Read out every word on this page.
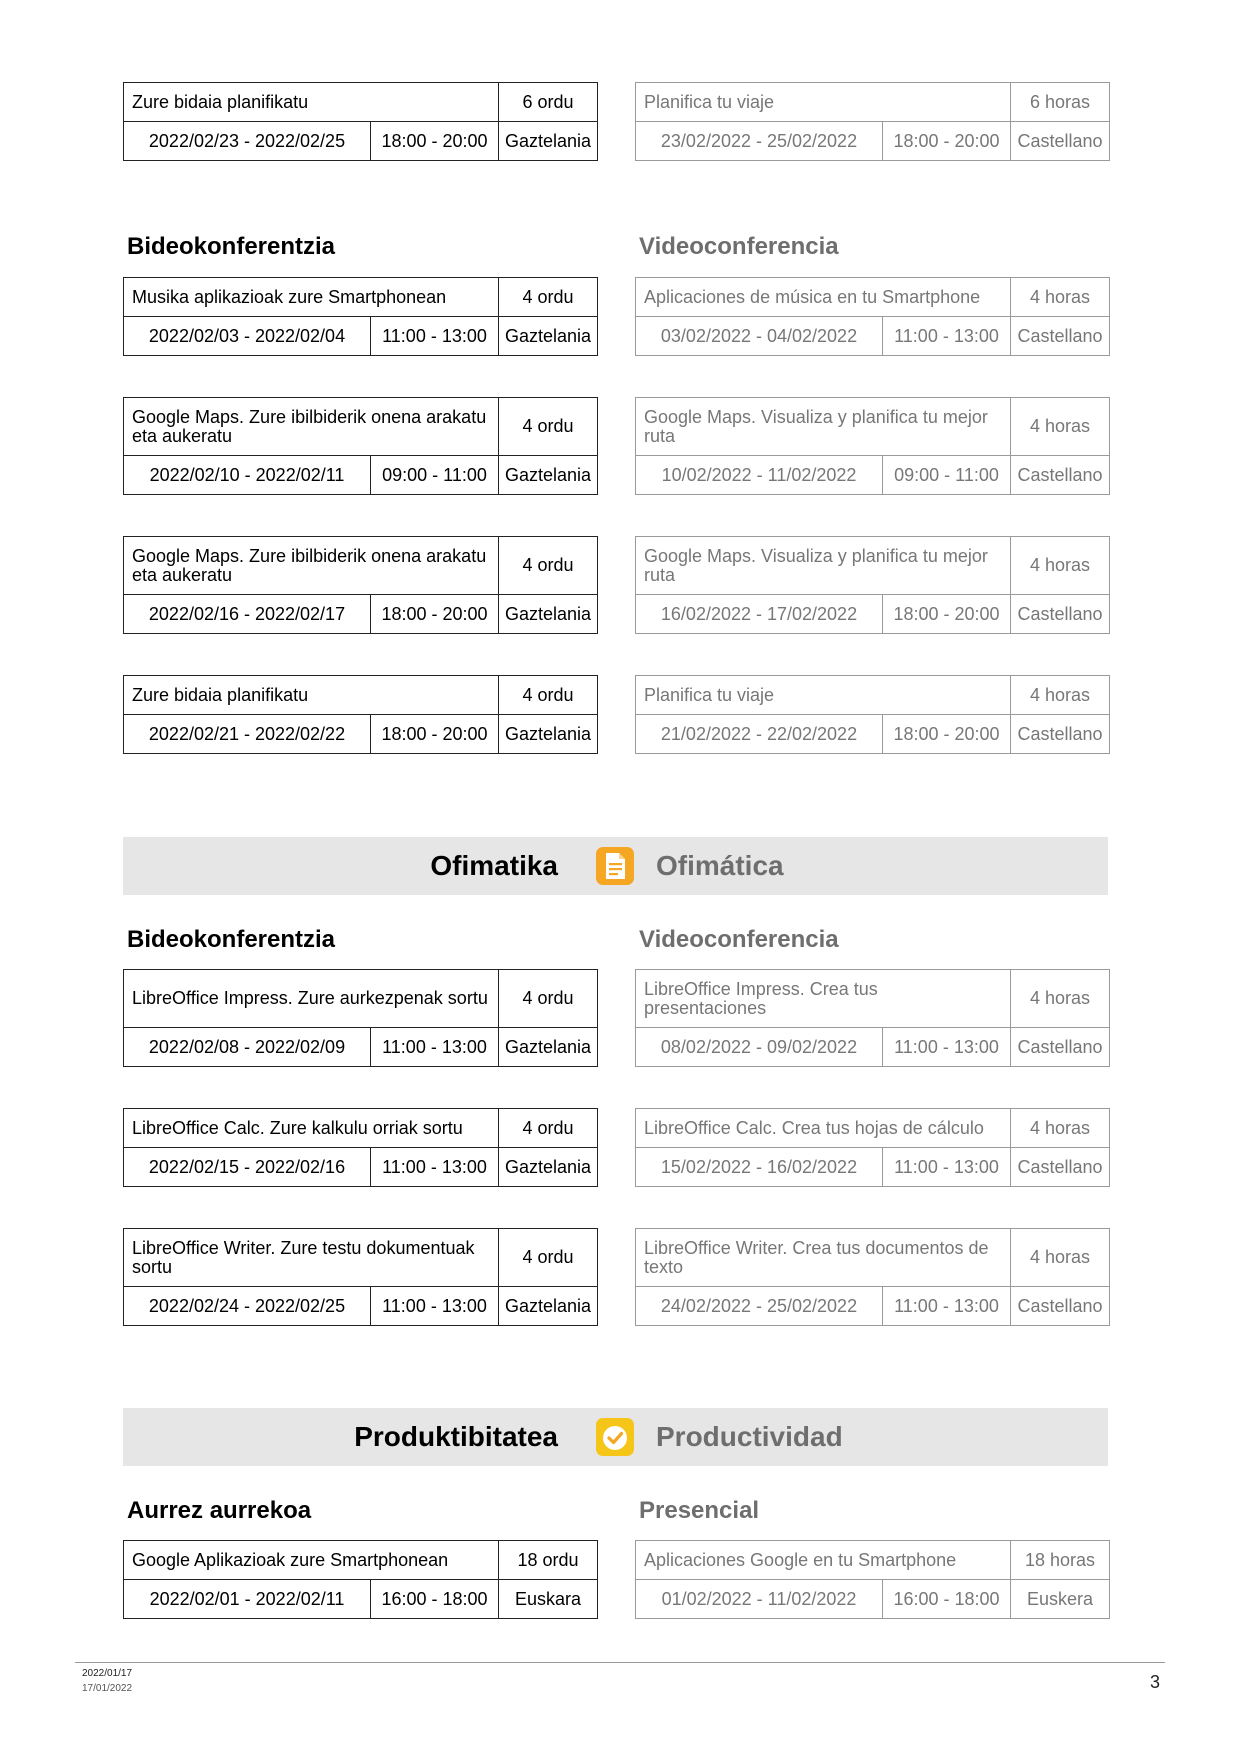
Zure bidaia planifikatu		6 ordu
2022/02/23 - 2022/02/25	18:00 - 20:00	Gaztelania
Planifica tu viaje		6 horas
23/02/2022 - 25/02/2022	18:00 - 20:00	Castellano
Bideokonferentzia	Videoconferencia
Musika aplikazioak zure Smartphonean		4 ordu
2022/02/03 - 2022/02/04	11:00 - 13:00	Gaztelania
Aplicaciones de música en tu Smartphone		4 horas
03/02/2022 - 04/02/2022	11:00 - 13:00	Castellano
Google Maps. Zure ibilbiderik onena arakatu eta aukeratu		4 ordu
2022/02/10 - 2022/02/11	09:00 - 11:00	Gaztelania
Google Maps. Visualiza y planifica tu mejor ruta		4 horas
10/02/2022 - 11/02/2022	09:00 - 11:00	Castellano
Google Maps. Zure ibilbiderik onena arakatu eta aukeratu		4 ordu
2022/02/16 - 2022/02/17	18:00 - 20:00	Gaztelania
Google Maps. Visualiza y planifica tu mejor ruta		4 horas
16/02/2022 - 17/02/2022	18:00 - 20:00	Castellano
Zure bidaia planifikatu		4 ordu
2022/02/21 - 2022/02/22	18:00 - 20:00	Gaztelania
Planifica tu viaje		4 horas
21/02/2022 - 22/02/2022	18:00 - 20:00	Castellano
Ofimatika	Ofimática
Bideokonferentzia	Videoconferencia
LibreOffice Impress. Zure aurkezpenak sortu		4 ordu
2022/02/08 - 2022/02/09	11:00 - 13:00	Gaztelania
LibreOffice Impress. Crea tus presentaciones		4 horas
08/02/2022 - 09/02/2022	11:00 - 13:00	Castellano
LibreOffice Calc. Zure kalkulu orriak sortu		4 ordu
2022/02/15 - 2022/02/16	11:00 - 13:00	Gaztelania
LibreOffice Calc. Crea tus hojas de cálculo		4 horas
15/02/2022 - 16/02/2022	11:00 - 13:00	Castellano
LibreOffice Writer. Zure testu dokumentuak sortu		4 ordu
2022/02/24 - 2022/02/25	11:00 - 13:00	Gaztelania
LibreOffice Writer. Crea tus documentos de texto		4 horas
24/02/2022 - 25/02/2022	11:00 - 13:00	Castellano
Produktibitatea	Productividad
Aurrez aurrekoa	Presencial
Google Aplikazioak zure Smartphonean		18 ordu
2022/02/01 - 2022/02/11	16:00 - 18:00	Euskara
Aplicaciones Google en tu Smartphone		18 horas
01/02/2022 - 11/02/2022	16:00 - 18:00	Euskera
2022/01/17
17/01/2022	3
